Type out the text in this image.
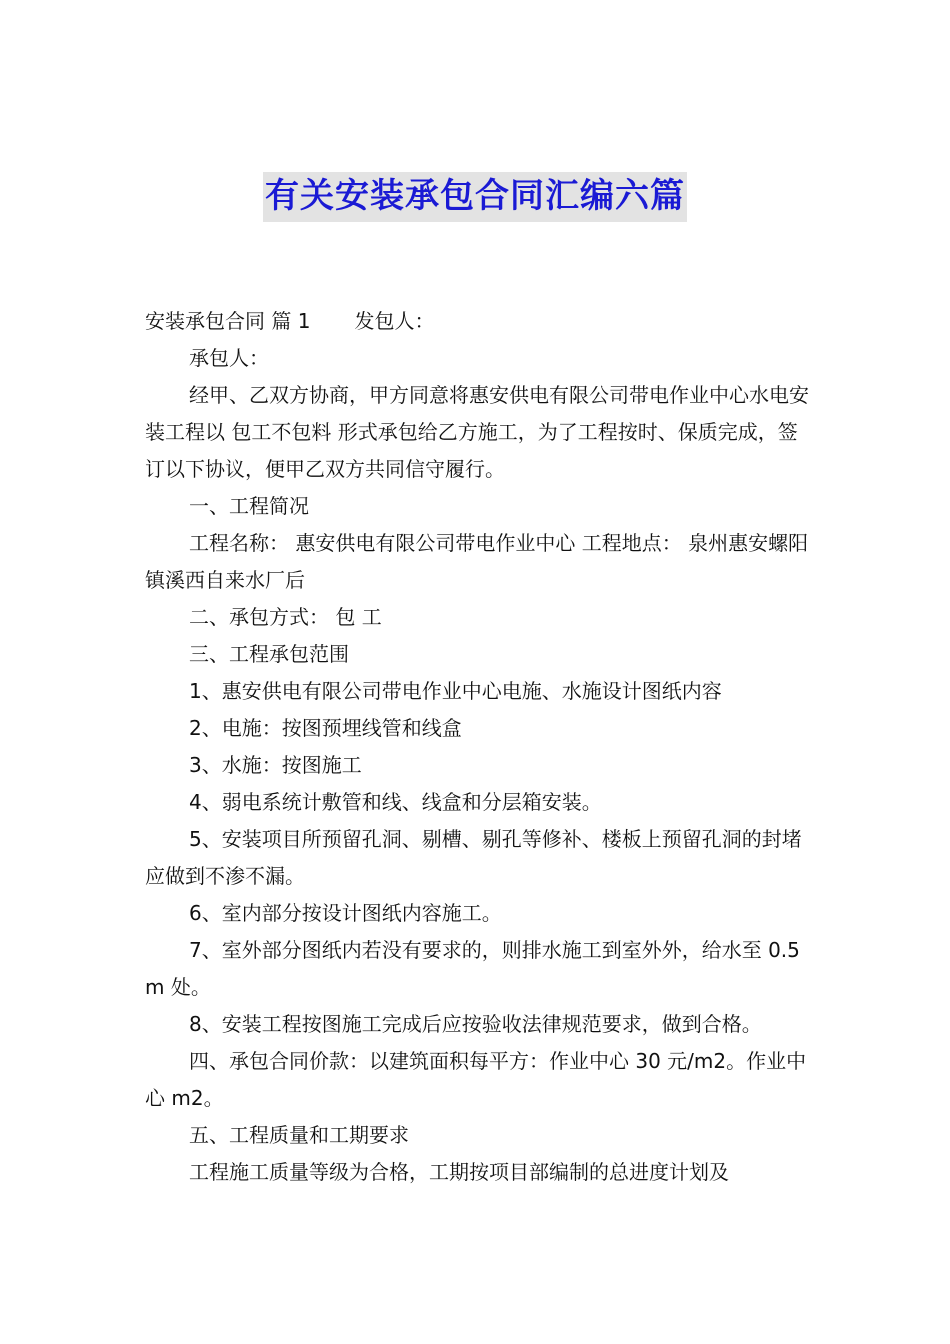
有关安装承包合同汇编六篇

安装承包合同 篇 1 发包人：

承包人：

经甲、乙双方协商，甲方同意将惠安供电有限公司带电作业中心水电安装工程以 包工不包料 形式承包给乙方施工，为了工程按时、保质完成，签订以下协议，便甲乙双方共同信守履行。

一、工程简况

工程名称： 惠安供电有限公司带电作业中心 工程地点： 泉州惠安螺阳镇溪西自来水厂后

二、承包方式： 包 工

三、工程承包范围

1、惠安供电有限公司带电作业中心电施、水施设计图纸内容

2、电施：按图预埋线管和线盒

3、水施：按图施工

4、弱电系统计敷管和线、线盒和分层箱安装。

5、安装项目所预留孔洞、剔槽、剔孔等修补、楼板上预留孔洞的封堵应做到不渗不漏。

6、室内部分按设计图纸内容施工。

7、室外部分图纸内若没有要求的，则排水施工到室外外，给水至 0.5 m 处。

8、安装工程按图施工完成后应按验收法律规范要求，做到合格。

四、承包合同价款：以建筑面积每平方：作业中心 30 元/m2。作业中心 m2。

五、工程质量和工期要求

工程施工质量等级为合格，工期按项目部编制的总进度计划及
